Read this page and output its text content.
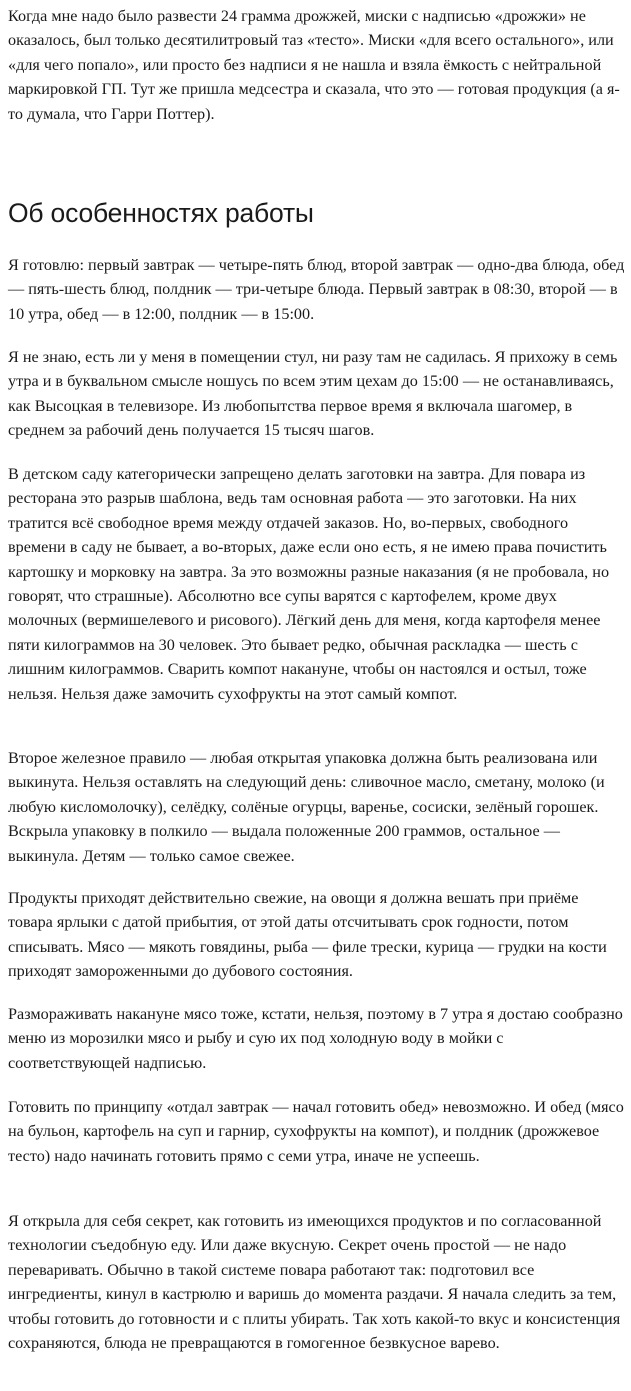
Когда мне надо было развести 24 грамма дрожжей, миски с надписью «дрожжи» не оказалось, был только десятилитровый таз «тесто». Миски «для всего остального», или «для чего попало», или просто без надписи я не нашла и взяла ёмкость с нейтральной маркировкой ГП. Тут же пришла медсестра и сказала, что это — готовая продукция (а я-то думала, что Гарри Поттер).

Об особенностях работы

Я готовлю: первый завтрак — четыре-пять блюд, второй завтрак — одно-два блюда, обед — пять-шесть блюд, полдник — три-четыре блюда. Первый завтрак в 08:30, второй — в 10 утра, обед — в 12:00, полдник — в 15:00.

Я не знаю, есть ли у меня в помещении стул, ни разу там не садилась. Я прихожу в семь утра и в буквальном смысле ношусь по всем этим цехам до 15:00 — не останавливаясь, как Высоцкая в телевизоре. Из любопытства первое время я включала шагомер, в среднем за рабочий день получается 15 тысяч шагов.

В детском саду категорически запрещено делать заготовки на завтра. Для повара из ресторана это разрыв шаблона, ведь там основная работа — это заготовки. На них тратится всё свободное время между отдачей заказов. Но, во-первых, свободного времени в саду не бывает, а во-вторых, даже если оно есть, я не имею права почистить картошку и морковку на завтра. За это возможны разные наказания (я не пробовала, но говорят, что страшные). Абсолютно все супы варятся с картофелем, кроме двух молочных (вермишелевого и рисового). Лёгкий день для меня, когда картофеля менее пяти килограммов на 30 человек. Это бывает редко, обычная раскладка — шесть с лишним килограммов. Сварить компот накануне, чтобы он настоялся и остыл, тоже нельзя. Нельзя даже замочить сухофрукты на этот самый компот.

Второе железное правило — любая открытая упаковка должна быть реализована или выкинута. Нельзя оставлять на следующий день: сливочное масло, сметану, молоко (и любую кисломолочку), селёдку, солёные огурцы, варенье, сосиски, зелёный горошек. Вскрыла упаковку в полкило — выдала положенные 200 граммов, остальное — выкинула. Детям — только самое свежее.

Продукты приходят действительно свежие, на овощи я должна вешать при приёме товара ярлыки с датой прибытия, от этой даты отсчитывать срок годности, потом списывать. Мясо — мякоть говядины, рыба — филе трески, курица — грудки на кости приходят замороженными до дубового состояния.

Размораживать накануне мясо тоже, кстати, нельзя, поэтому в 7 утра я достаю сообразно меню из морозилки мясо и рыбу и сую их под холодную воду в мойки с соответствующей надписью.

Готовить по принципу «отдал завтрак — начал готовить обед» невозможно. И обед (мясо на бульон, картофель на суп и гарнир, сухофрукты на компот), и полдник (дрожжевое тесто) надо начинать готовить прямо с семи утра, иначе не успеешь.

Я открыла для себя секрет, как готовить из имеющихся продуктов и по согласованной технологии съедобную еду. Или даже вкусную. Секрет очень простой — не надо переваривать. Обычно в такой системе повара работают так: подготовил все ингредиенты, кинул в кастрюлю и варишь до момента раздачи. Я начала следить за тем, чтобы готовить до готовности и с плиты убирать. Так хоть какой-то вкус и консистенция сохраняются, блюда не превращаются в гомогенное безвкусное варево.
